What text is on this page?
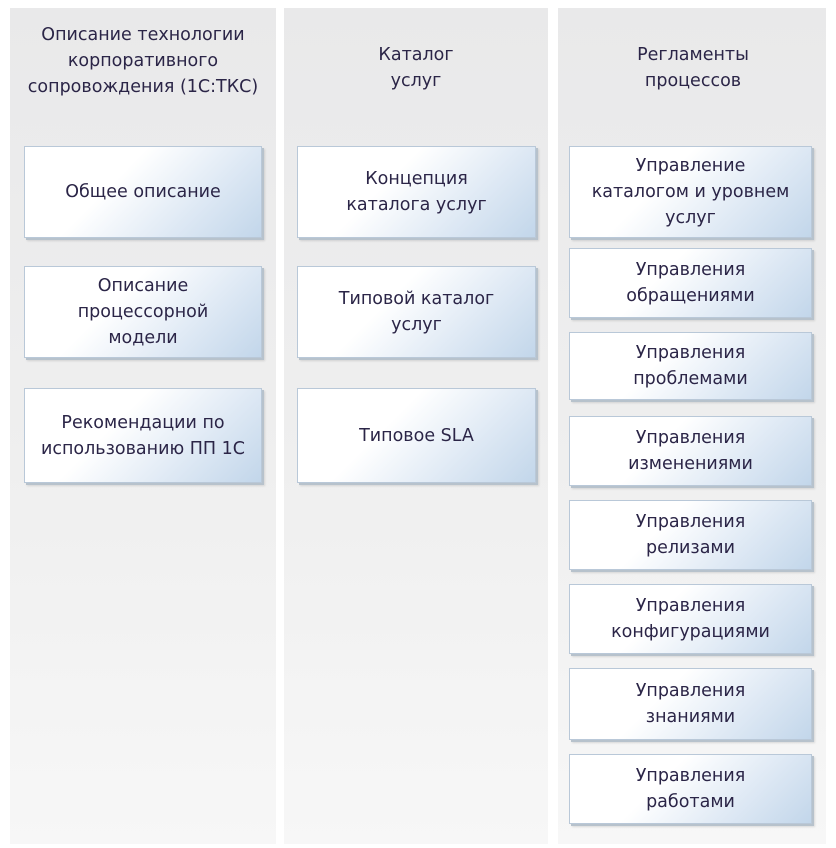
Описание технологии корпоративного сопровождения (1С:ТКС)
Общее описание
Описание процессорной модели
Рекомендации по использованию ПП 1С
Каталог услуг
Концепция каталога услуг
Типовой каталог услуг
Типовое SLA
Регламенты процессов
Управление каталогом и уровнем услуг
Управления обращениями
Управления проблемами
Управления изменениями
Управления релизами
Управления конфигурациями
Управления знаниями
Управления работами
